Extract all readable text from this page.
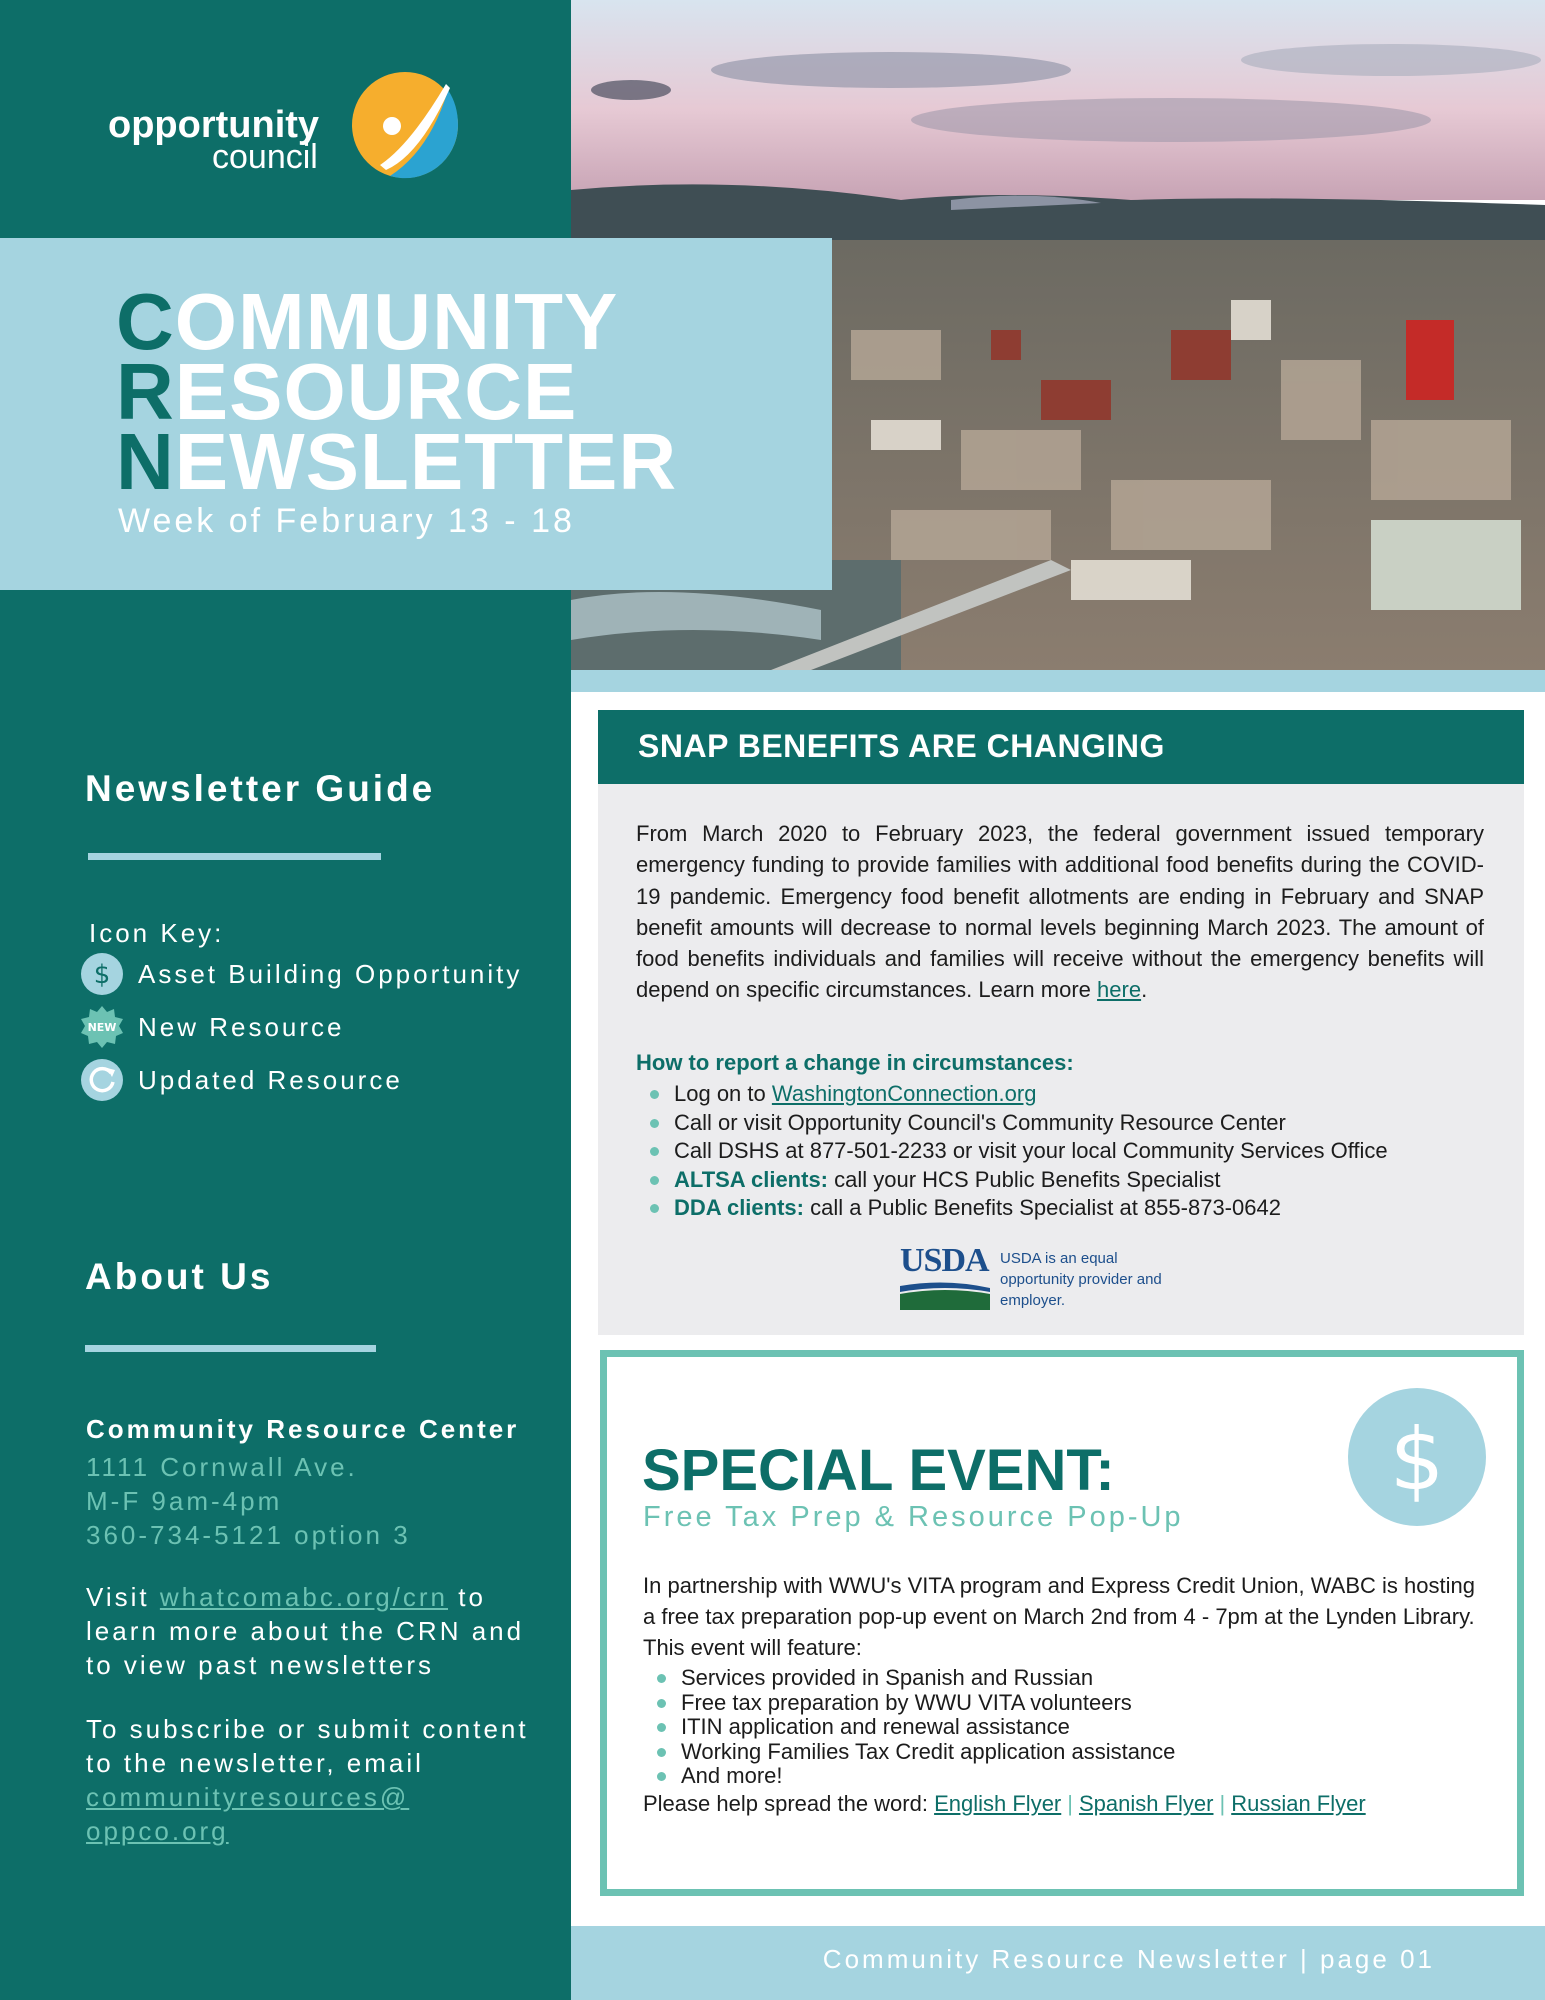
opportunity
council
COMMUNITY
RESOURCE
NEWSLETTER
Week of February 13 - 18
Newsletter Guide
Icon Key:
$ Asset Building Opportunity
NEW New Resource
Updated Resource
About Us
Community Resource Center
1111 Cornwall Ave.
M-F 9am-4pm
360-734-5121 option 3
Visit whatcomabc.org/crn to learn more about the CRN and to view past newsletters
To subscribe or submit content to the newsletter, email communityresources@
oppco.org
SNAP BENEFITS ARE CHANGING
From March 2020 to February 2023, the federal government issued temporary emergency funding to provide families with additional food benefits during the COVID-19 pandemic. Emergency food benefit allotments are ending in February and SNAP benefit amounts will decrease to normal levels beginning March 2023. The amount of food benefits individuals and families will receive without the emergency benefits will depend on specific circumstances. Learn more here.
How to report a change in circumstances:
Log on to WashingtonConnection.org
Call or visit Opportunity Council's Community Resource Center
Call DSHS at 877-501-2233 or visit your local Community Services Office
ALTSA clients: call your HCS Public Benefits Specialist
DDA clients: call a Public Benefits Specialist at 855-873-0642
USDA USDA is an equal opportunity provider and employer.
SPECIAL EVENT:
Free Tax Prep & Resource Pop-Up
$
In partnership with WWU's VITA program and Express Credit Union, WABC is hosting a free tax preparation pop-up event on March 2nd from 4 - 7pm at the Lynden Library. This event will feature:
Services provided in Spanish and Russian
Free tax preparation by WWU VITA volunteers
ITIN application and renewal assistance
Working Families Tax Credit application assistance
And more!
Please help spread the word: English Flyer | Spanish Flyer | Russian Flyer
Community Resource Newsletter | page 01
